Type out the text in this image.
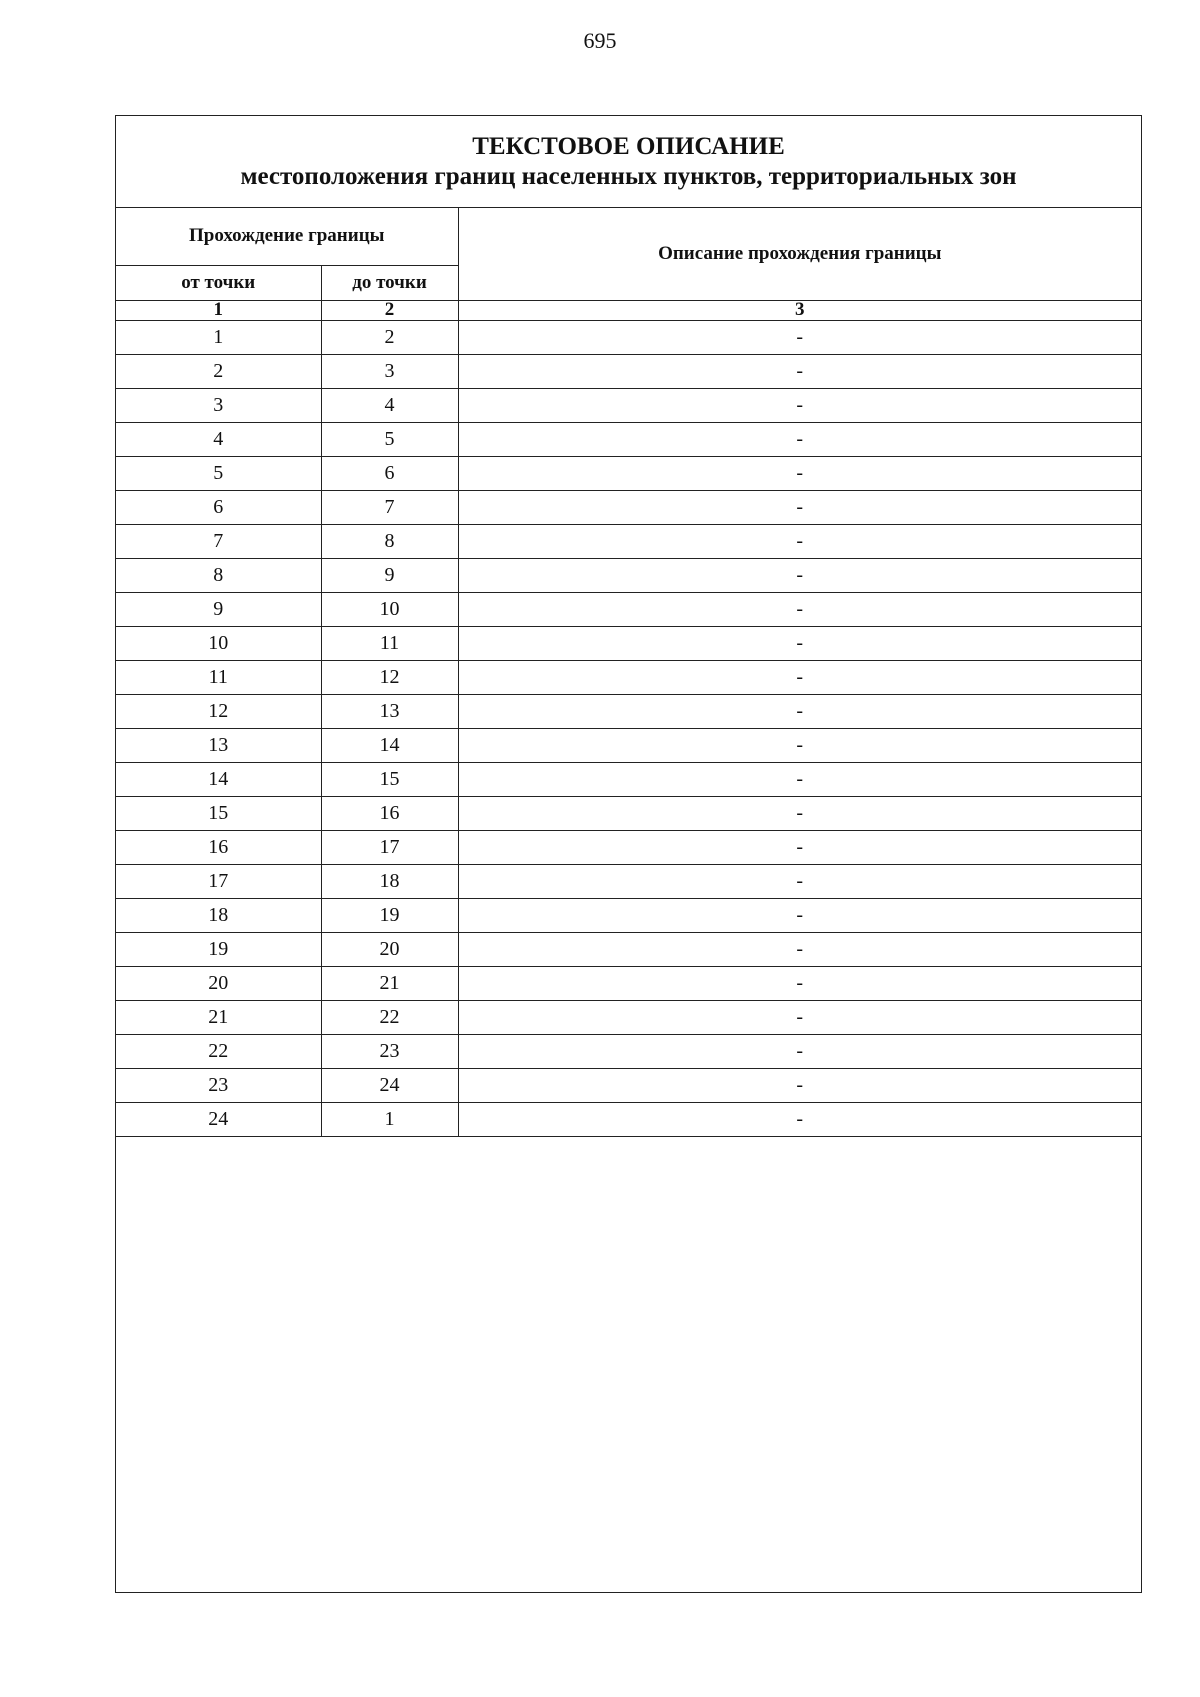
695
ТЕКСТОВОЕ ОПИСАНИЕ
местоположения границ населенных пунктов, территориальных зон
Прохождение границы		Описание прохождения границы
от точки	до точки	
1	2	3
1	2	-
2	3	-
3	4	-
4	5	-
5	6	-
6	7	-
7	8	-
8	9	-
9	10	-
10	11	-
11	12	-
12	13	-
13	14	-
14	15	-
15	16	-
16	17	-
17	18	-
18	19	-
19	20	-
20	21	-
21	22	-
22	23	-
23	24	-
24	1	-
